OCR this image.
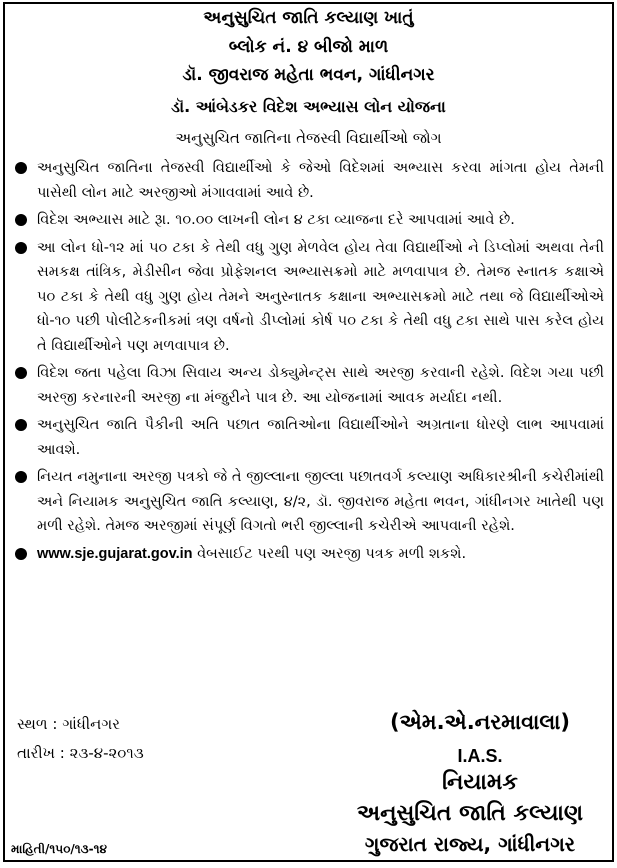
અનુસુચિત જાતિ કલ્યાણ ખાતું
બ્લોક નં. ૪ બીજો માળ
ડૉ. જીવરાજ મહેતા ભવન, ગાંધીનગર
ડૉ. આંબેડકર વિદેશ અભ્યાસ લોન યોજના
અનુસુચિત જાતિના તેજસ્વી વિદ્યાર્થીઓ જોગ
અનુસુચિત જાતિના તેજસ્વી વિદ્યાર્થીઓ કે જેઓ વિદેશમાં અભ્યાસ કરવા માંગતા હોય તેમની પાસેથી લોન માટે અરજીઓ મંગાવવામાં આવે છે.
વિદેશ અભ્યાસ માટે રૂા. ૧૦.૦૦ લાખની લોન ૪ ટકા વ્યાજના દરે આપવામાં આવે છે.
આ લોન ધો-૧૨ માં ૫૦ ટકા કે તેથી વધુ ગુણ મેળવેલ હોય તેવા વિદ્યાર્થીઓ ને ડિપ્લોમાં અથવા તેની સમકક્ષ તાંત્રિક, મેડીસીન જેવા પ્રોફેશનલ અભ્યાસક્રમો માટે મળવાપાત્ર છે. તેમજ સ્નાતક કક્ષાએ ૫૦ ટકા કે તેથી વધુ ગુણ હોય તેમને અનુસ્નાતક કક્ષાના અભ્યાસક્રમો માટે તથા જે વિદ્યાર્થીઓએ ધો-૧૦ પછી પોલીટેકનીકમાં ત્રણ વર્ષનો ડીપ્લોમાં કોર્ષ ૫૦ ટકા કે તેથી વધુ ટકા સાથે પાસ કરેલ હોય તે વિદ્યાર્થીઓને પણ મળવાપાત્ર છે.
વિદેશ જતા પહેલા વિઝા સિવાય અન્ય ડોક્યુમેન્ટ્સ સાથે અરજી કરવાની રહેશે. વિદેશ ગયા પછી અરજી કરનારની અરજી ના મંજુરીને પાત્ર છે. આ યોજનામાં આવક મર્યાદા નથી.
અનુસુચિત જાતિ પૈકીની અતિ પછાત જાતિઓના વિદ્યાર્થીઓને અગ્રતાના ધોરણે લાભ આપવામાં આવશે.
નિયત નમુનાના અરજી પત્રકો જે તે જીલ્લાના જીલ્લા પછાતવર્ગ કલ્યાણ અધિકારશ્રીની કચેરીમાંથી અને નિયામક અનુસુચિત જાતિ કલ્યાણ, ૪/૨, ડૉ. જીવરાજ મહેતા ભવન, ગાંધીનગર ખાતેથી પણ મળી રહેશે. તેમજ અરજીમાં સંપૂર્ણ વિગતો ભરી જીલ્લાની કચેરીએ આપવાની રહેશે.
www.sje.gujarat.gov.in વેબસાઈટ પરથી પણ અરજી પત્રક મળી શકશે.
સ્થળ : ગાંધીનગર
તારીખ : ૨૩-૪-૨૦૧૩
(એમ.એ.નરમાવાલા)
I.A.S.
નિયામક
અનુસુચિત જાતિ કલ્યાણ
ગુજરાત રાજ્ય, ગાંધીનગર
માહિતી/૧૫૦/૧૩-૧૪
